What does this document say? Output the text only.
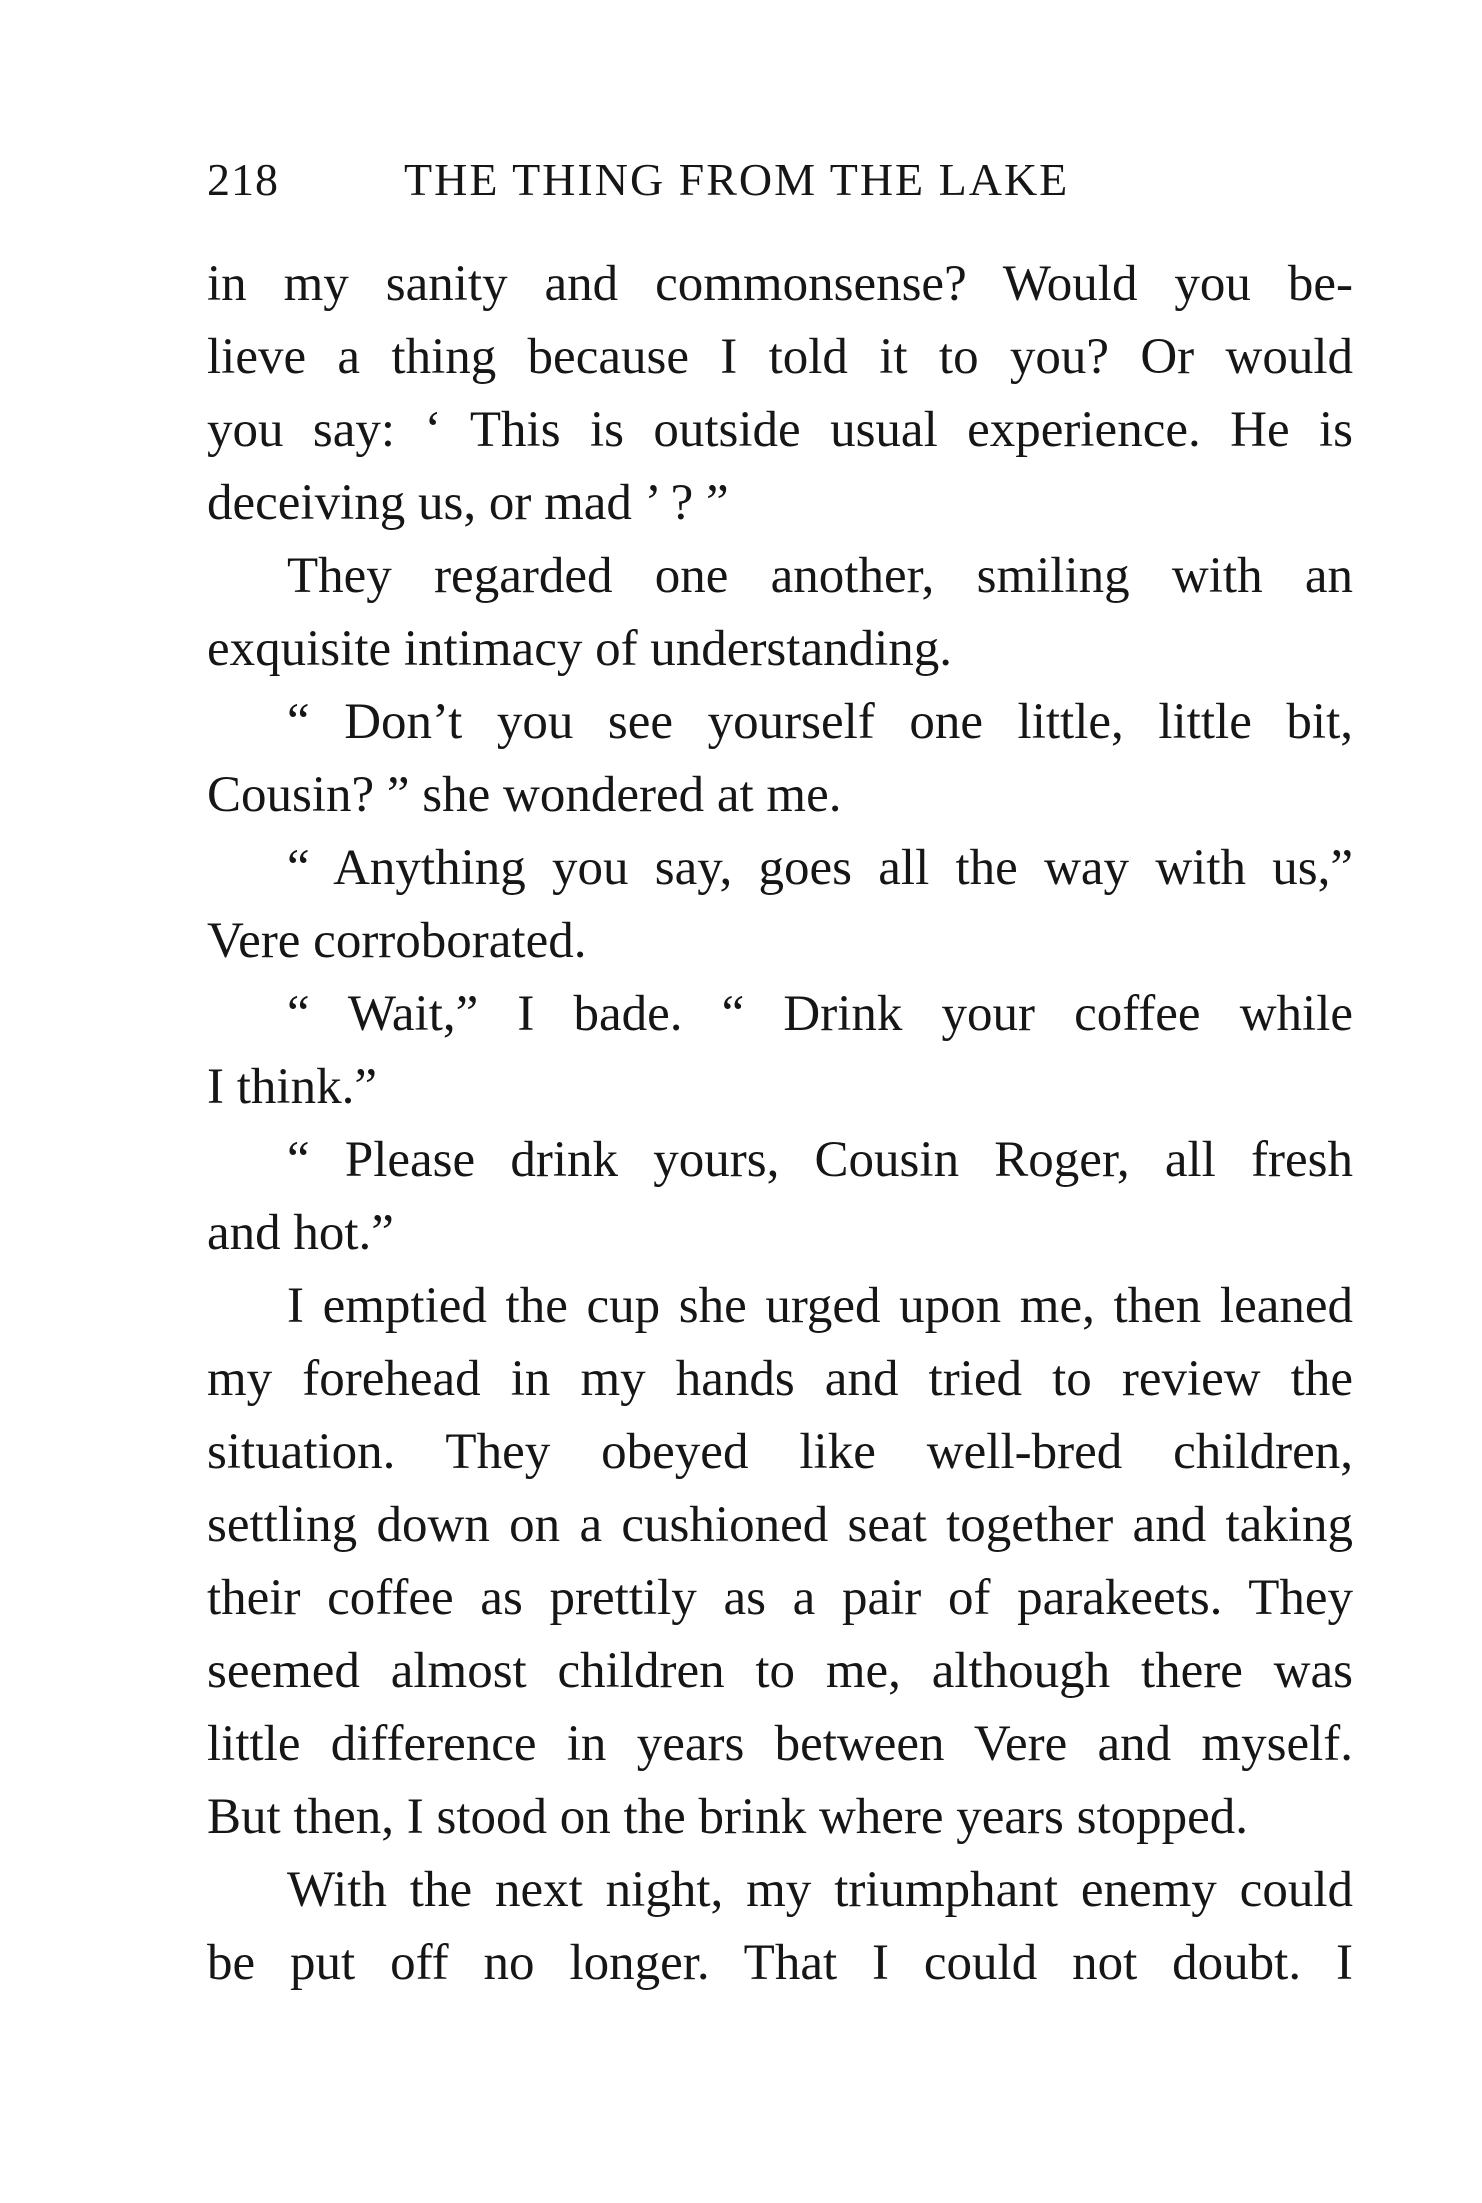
218	THE THING FROM THE LAKE
in my sanity and commonsense? Would you be-
lieve a thing because I told it to you? Or would
you say: ‘ This is outside usual experience. He is
deceiving us, or mad ’ ? ”
They regarded one another, smiling with an
exquisite intimacy of understanding.
“ Don’t you see yourself one little, little bit,
Cousin? ” she wondered at me.
“ Anything you say, goes all the way with us,”
Vere corroborated.
“ Wait,” I bade. “ Drink your coffee while
I think.”
“ Please drink yours, Cousin Roger, all fresh
and hot.”
I emptied the cup she urged upon me, then leaned
my forehead in my hands and tried to review the
situation. They obeyed like well-bred children,
settling down on a cushioned seat together and taking
their coffee as prettily as a pair of parakeets. They
seemed almost children to me, although there was
little difference in years between Vere and myself.
But then, I stood on the brink where years stopped.
With the next night, my triumphant enemy could
be put off no longer. That I could not doubt. I
